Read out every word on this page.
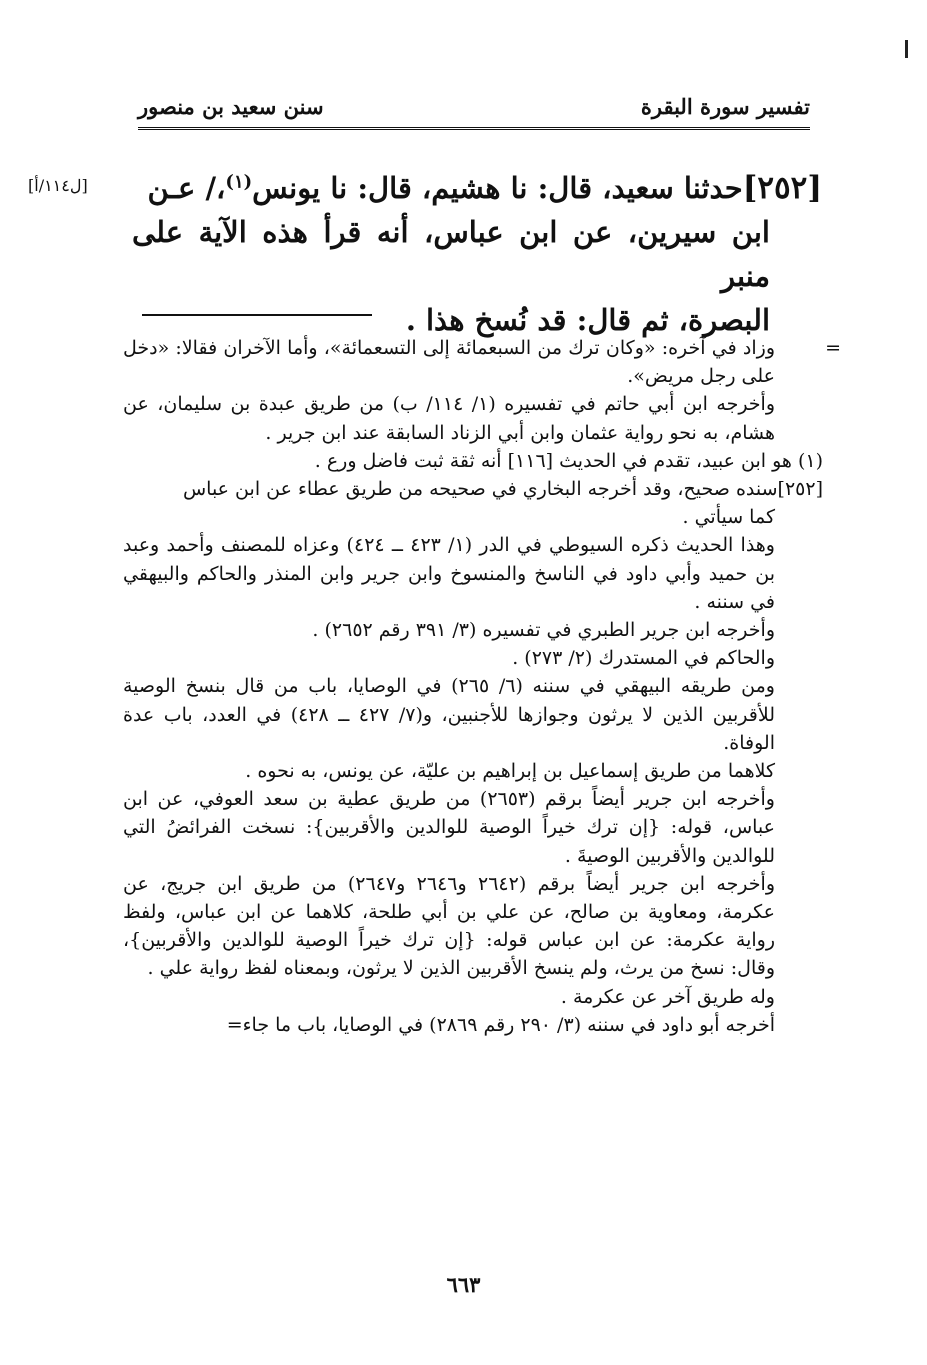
تفسير سورة البقرة
سنن سعيد بن منصور
[ل١١٤/أ]	[٢٥٢]حدثنا سعيد، قال: نا هشيم، قال: نا يونس$^{(١)}$،/ عـن
ابن سيرين، عن ابن عباس، أنه قرأ هذه الآية على منبر
البصرة، ثم قال: قد نُسخ هذا .

=
وزاد في آخره: «وكان ترك من السبعمائة إلى التسعمائة»، وأما الآخران فقالا: «دخل على رجل مريض».

وأخرجه ابن أبي حاتم في تفسيره (١/ ١١٤/ ب) من طريق عبدة بن سليمان، عن هشام، به نحو رواية عثمان وابن أبي الزناد السابقة عند ابن جرير .

(١) هو ابن عبيد، تقدم في الحديث [١١٦] أنه ثقة ثبت فاضل ورع .

[٢٥٢]سنده صحيح، وقد أخرجه البخاري في صحيحه من طريق عطاء عن ابن عباس

كما سيأتي .

وهذا الحديث ذكره السيوطي في الدر (١/ ٤٢٣ ــ ٤٢٤) وعزاه للمصنف وأحمد وعبد بن حميد وأبي داود في الناسخ والمنسوخ وابن جرير وابن المنذر والحاكم والبيهقي في سننه .

وأخرجه ابن جرير الطبري في تفسيره (٣/ ٣٩١ رقم ٢٦٥٢) .

والحاكم في المستدرك (٢/ ٢٧٣) .

ومن طريقه البيهقي في سننه (٦/ ٢٦٥) في الوصايا، باب من قال بنسخ الوصية للأقربين الذين لا يرثون وجوازها للأجنبين، و(٧/ ٤٢٧ ــ ٤٢٨) في العدد، باب عدة الوفاة.

كلاهما من طريق إسماعيل بن إبراهيم بن عليّة، عن يونس، به نحوه .

وأخرجه ابن جرير أيضاً برقم (٢٦٥٣) من طريق عطية بن سعد العوفي، عن ابن عباس، قوله: {إن ترك خيراً الوصية للوالدين والأقربين}: نسخت الفرائضُ التي للوالدين والأقربين الوصيةَ .

وأخرجه ابن جرير أيضاً برقم (٢٦٤٢ و٢٦٤٦ و٢٦٤٧) من طريق ابن جريج، عن عكرمة، ومعاوية بن صالح، عن علي بن أبي طلحة، كلاهما عن ابن عباس، ولفظ رواية عكرمة: عن ابن عباس قوله: {إن ترك خيراً الوصية للوالدين والأقربين}، وقال: نسخ من يرث، ولم ينسخ الأقربين الذين لا يرثون، وبمعناه لفظ رواية علي .

وله طريق آخر عن عكرمة .

أخرجه أبو داود في سننه (٣/ ٢٩٠ رقم ٢٨٦٩) في الوصايا، باب ما جاء=

٦٦٣
